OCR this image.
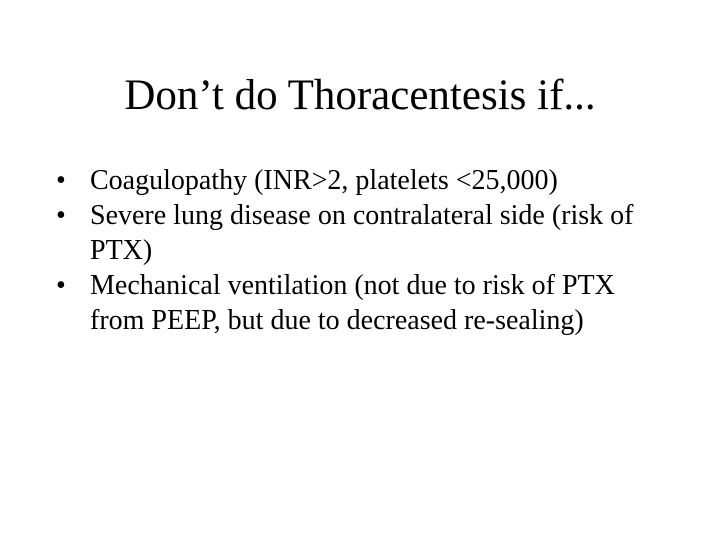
Don’t do Thoracentesis if...
• Coagulopathy (INR>2, platelets <25,000)
• Severe lung disease on contralateral side (risk of PTX)
• Mechanical ventilation (not due to risk of PTX from PEEP, but due to decreased re-sealing)
